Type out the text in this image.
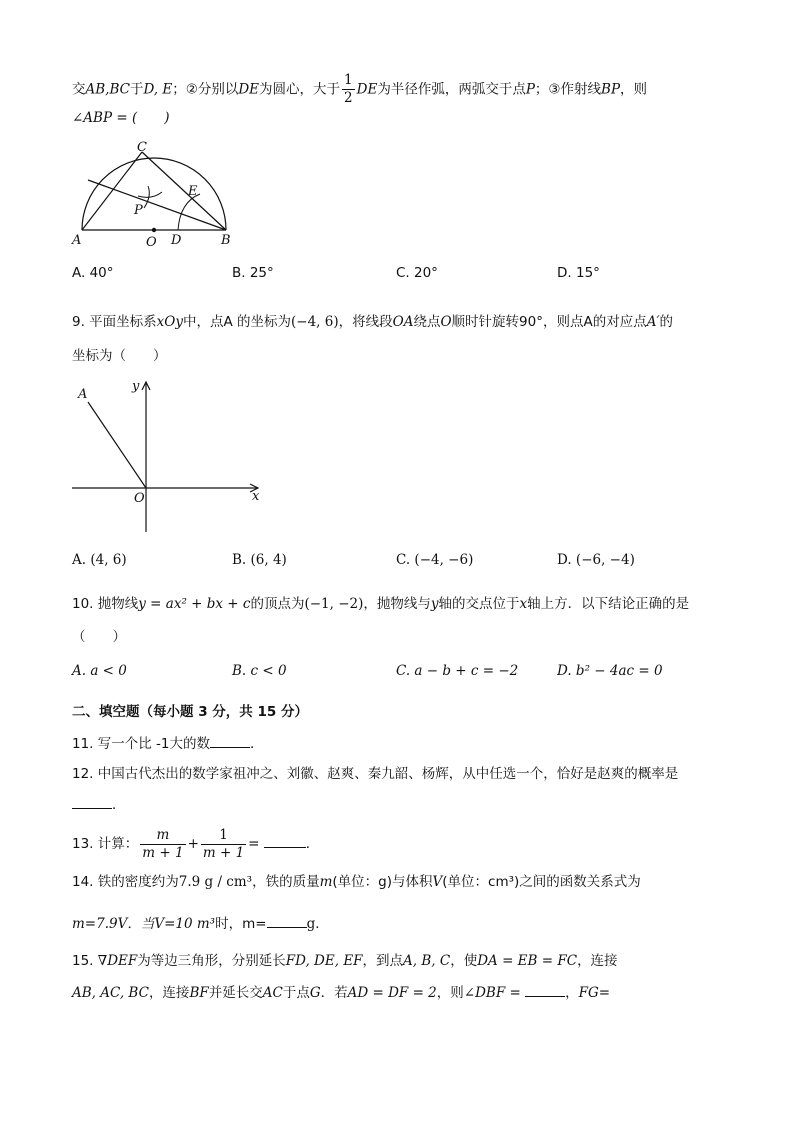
交AB,BC于D, E；②分别以DE为圆心，大于 $\frac{1}{2}$ DE为半径作弧，两弧交于点P；③作射线BP，则
∠ABP = (　　)
C
E
P
A	O D	B
A. 40°	B. 25°	C. 20°	D. 15°
9. 平面坐标系xOy中，点A 的坐标为(−4, 6)，将线段OA绕点O顺时针旋转90°，则点A的对应点A′的
坐标为（　　）
A
y
O	x
A. (4, 6)	B. (6, 4)	C. (−4, −6)	D. (−6, −4)
10. 抛物线y = ax² + bx + c的顶点为(−1, −2)，抛物线与y轴的交点位于x轴上方．以下结论正确的是
（　　）
A. a < 0	B. c < 0	C. a − b + c = −2	D. b² − 4ac = 0
二、填空题（每小题 3 分，共 15 分）
11. 写一个比 -1大的数	．
12. 中国古代杰出的数学家祖冲之、刘徽、赵爽、秦九韶、杨辉，从中任选一个，恰好是赵爽的概率是
．
13. 计算： $\frac{m}{m + 1} + \frac{1}{m + 1}$ =	．
14. 铁的密度约为7.9 g / cm³，铁的质量m(单位：g)与体积V(单位：cm³)之间的函数关系式为
m=7.9V．当V=10 m³时，m=	g．
15. ∇DEF为等边三角形，分别延长FD, DE, EF，到点A, B, C，使DA = EB = FC，连接
AB, AC, BC，连接BF并延长交AC于点G．若AD = DF = 2，则∠DBF =	，FG=
